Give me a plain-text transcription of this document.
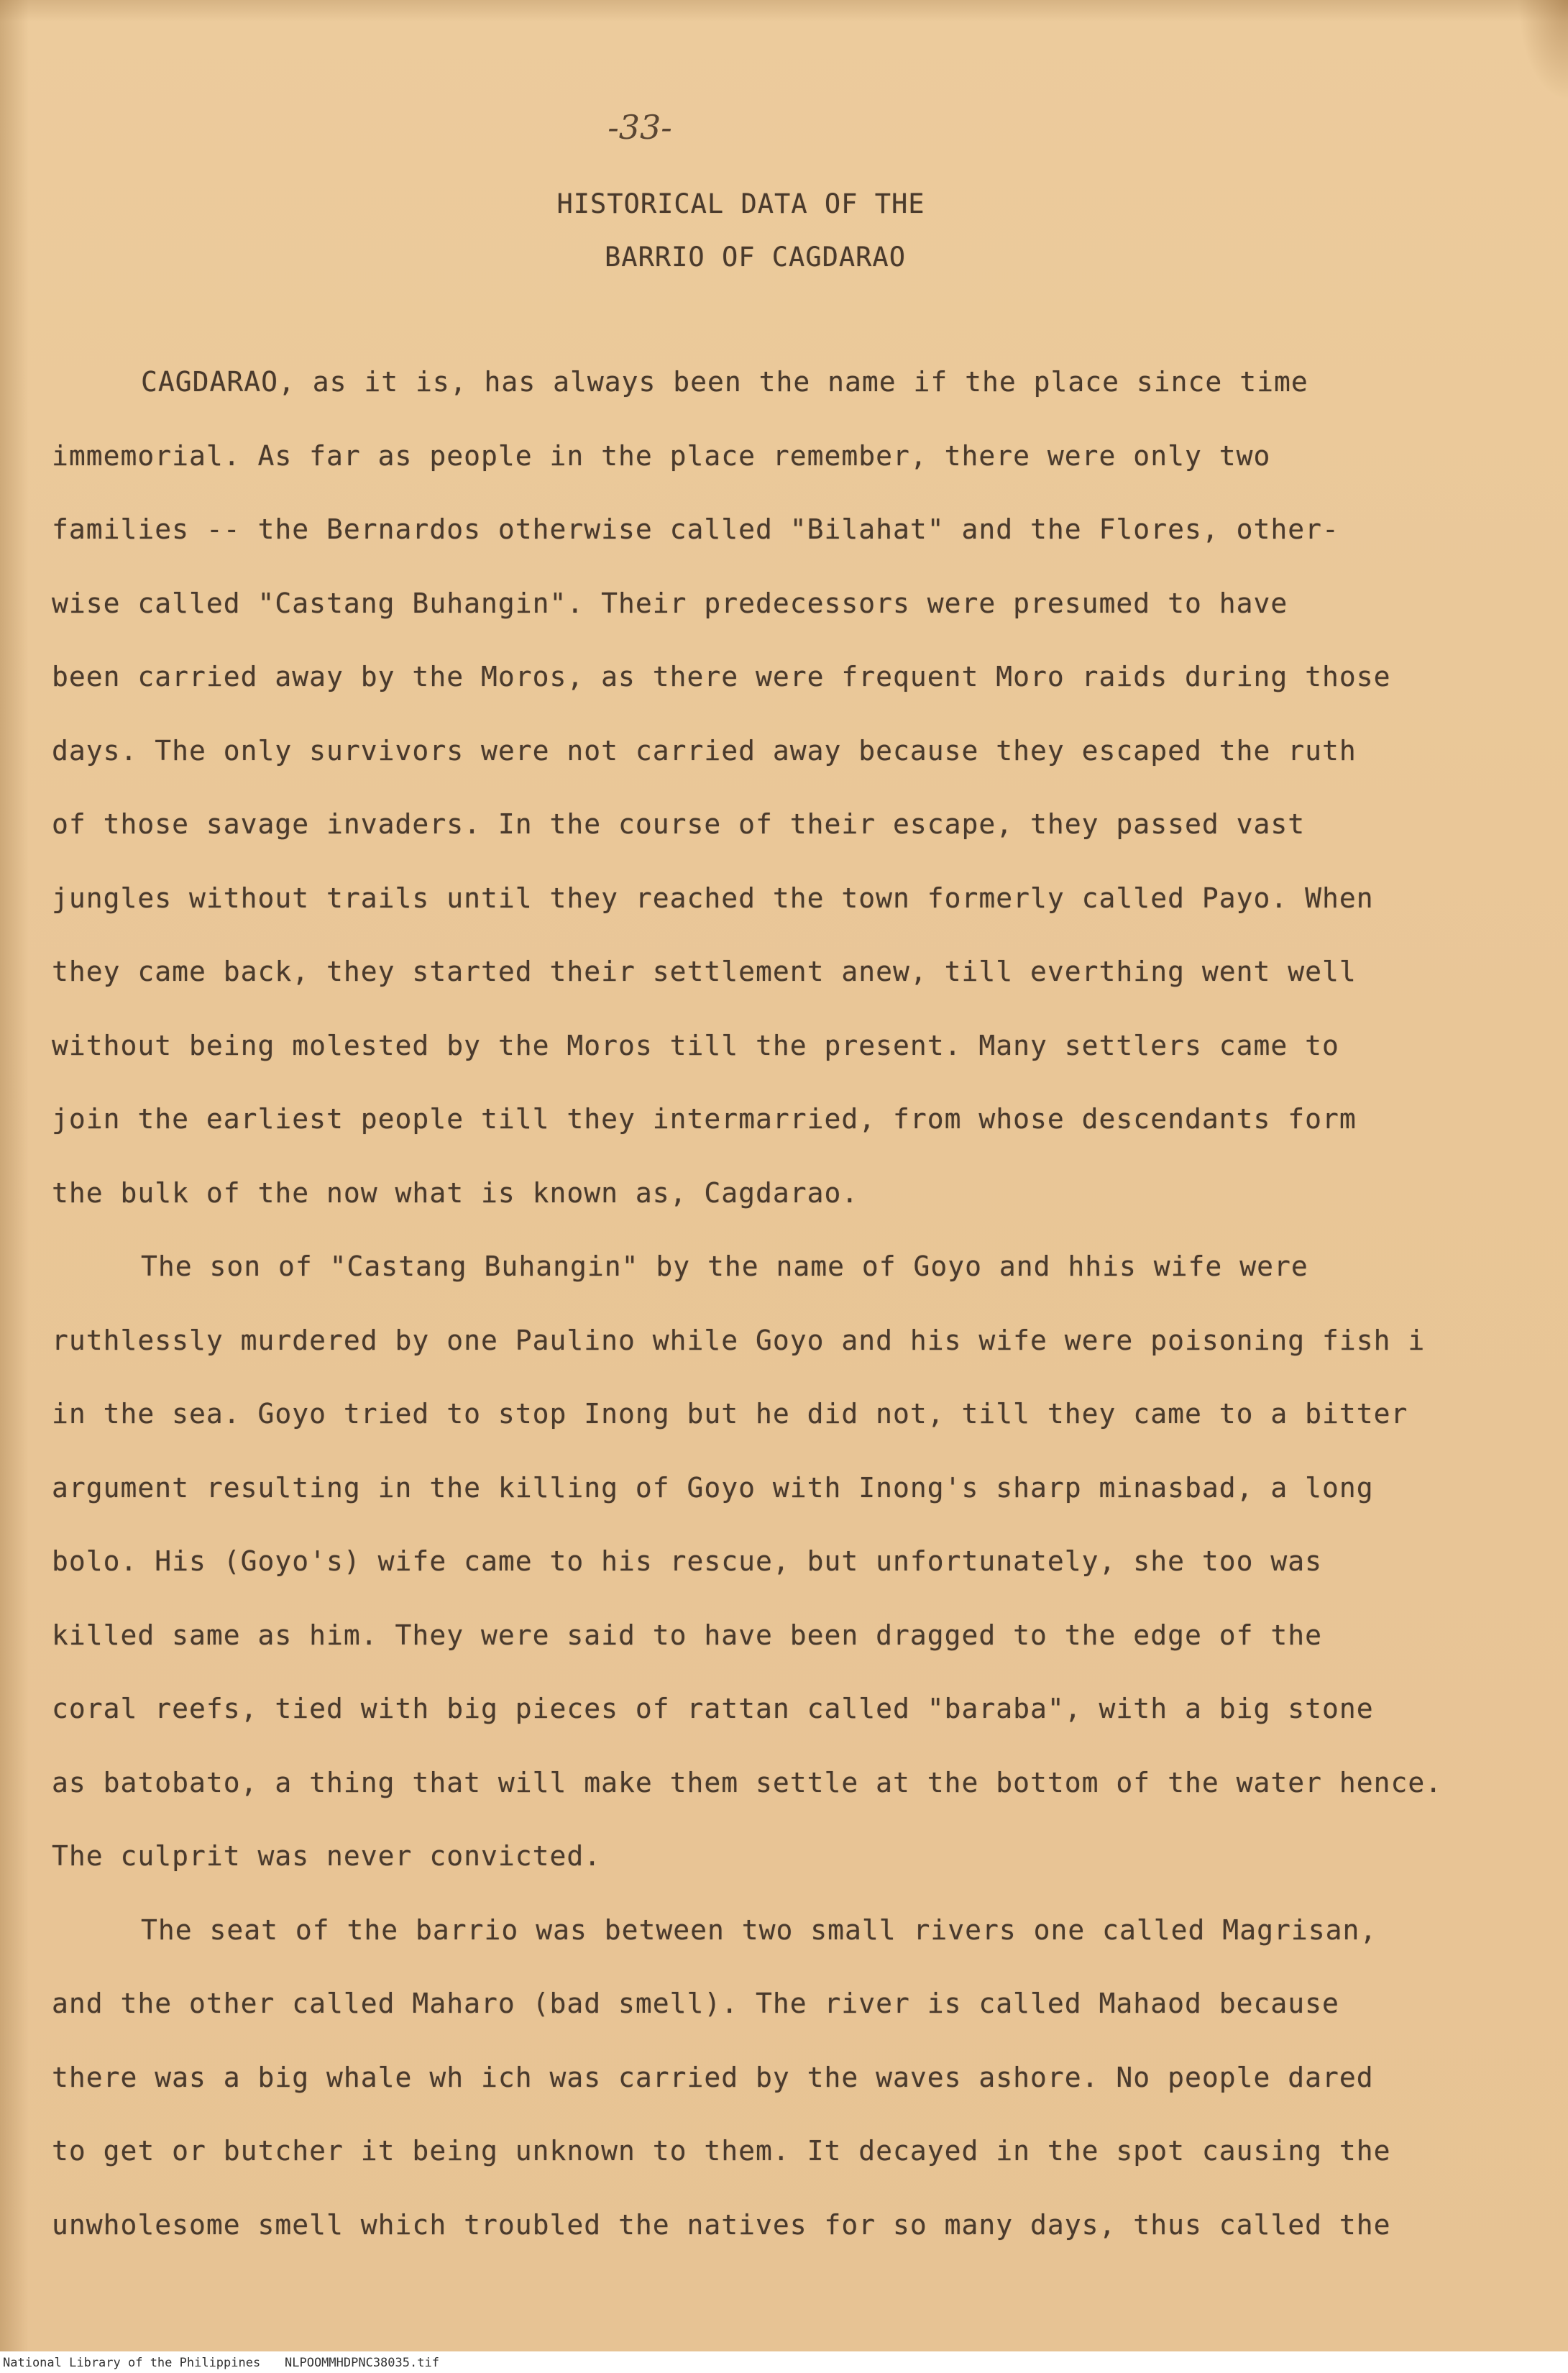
-33-
HISTORICAL DATA OF THE
BARRIO OF CAGDARAO
CAGDARAO, as it is, has always been the name if the place since time
immemorial. As far as people in the place remember, there were only two
families -- the Bernardos otherwise called "Bilahat" and the Flores, other-
wise called "Castang Buhangin". Their predecessors were presumed to have
been carried away by the Moros, as there were frequent Moro raids during those
days. The only survivors were not carried away because they escaped the ruth
of those savage invaders. In the course of their escape, they passed vast
jungles without trails until they reached the town formerly called Payo. When
they came back, they started their settlement anew, till everthing went well
without being molested by the Moros till the present. Many settlers came to
join the earliest people till they intermarried, from whose descendants form
the bulk of the now what is known as, Cagdarao.
The son of "Castang Buhangin" by the name of Goyo and hhis wife were
ruthlessly murdered by one Paulino while Goyo and his wife were poisoning fish i
in the sea. Goyo tried to stop Inong but he did not, till they came to a bitter
argument resulting in the killing of Goyo with Inong's sharp minasbad, a long
bolo. His (Goyo's) wife came to his rescue, but unfortunately, she too was
killed same as him. They were said to have been dragged to the edge of the
coral reefs, tied with big pieces of rattan called "baraba", with a big stone
as batobato, a thing that will make them settle at the bottom of the water hence.
The culprit was never convicted.
The seat of the barrio was between two small rivers one called Magrisan,
and the other called Maharo (bad smell). The river is called Mahaod because
there was a big whale wh ich was carried by the waves ashore. No people dared
to get or butcher it being unknown to them. It decayed in the spot causing the
unwholesome smell which troubled the natives for so many days, thus called the
National Library of the Philippines NLPOOMMHDPNC38035.tif
